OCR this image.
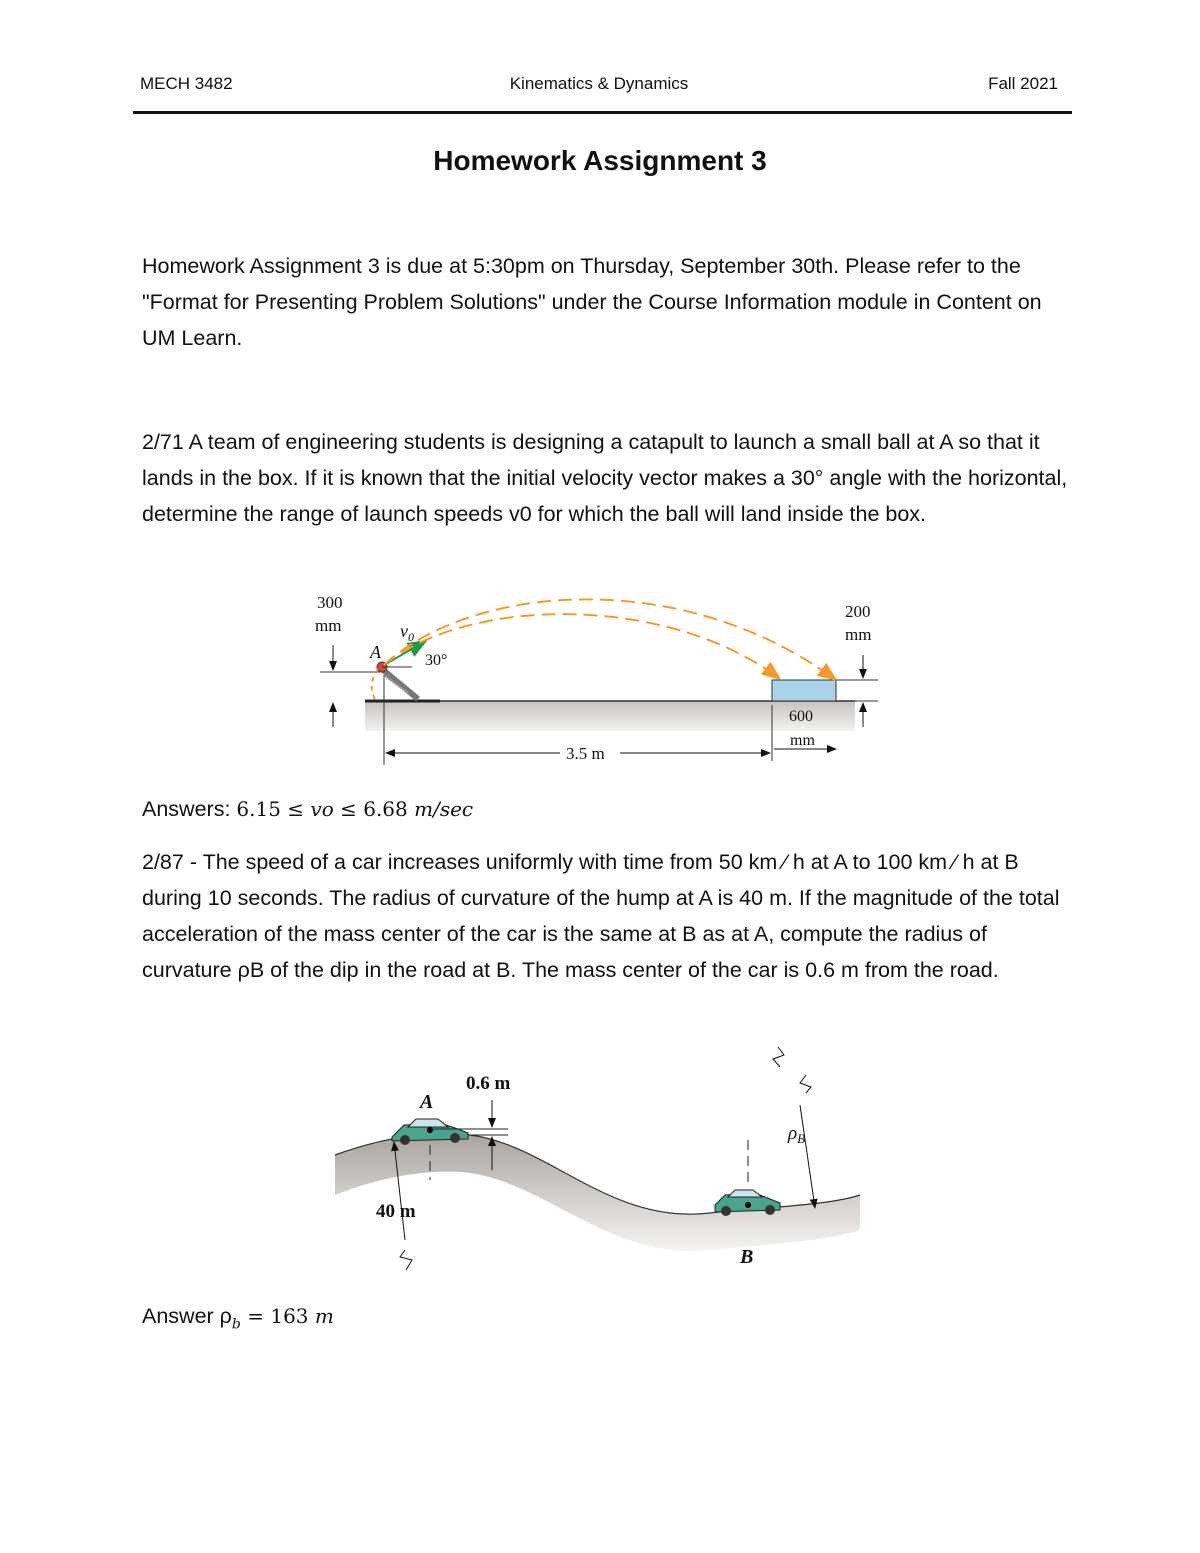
MECH 3482	Kinematics & Dynamics	Fall 2021
Homework Assignment 3

Homework Assignment 3 is due at 5:30pm on Thursday, September 30th. Please refer to the "Format for Presenting Problem Solutions" under the Course Information module in Content on UM Learn.

2/71 A team of engineering students is designing a catapult to launch a small ball at A so that it lands in the box. If it is known that the initial velocity vector makes a 30° angle with the horizontal, determine the range of launch speeds v0 for which the ball will land inside the box.

300
mm	$v_0$
A	30°
200
mm
600
mm
3.5 m
Answers: 6.15 ≤ vo ≤ 6.68 m/sec

2/87 - The speed of a car increases uniformly with time from 50 km ⁄ h at A to 100 km ⁄ h at B during 10 seconds. The radius of curvature of the hump at A is 40 m. If the magnitude of the total acceleration of the mass center of the car is the same at B as at A, compute the radius of curvature ρB of the dip in the road at B. The mass center of the car is 0.6 m from the road.

0.6 m
A
40 m
B
$\rho_B$
Answer $\rho_b = 163$ m
